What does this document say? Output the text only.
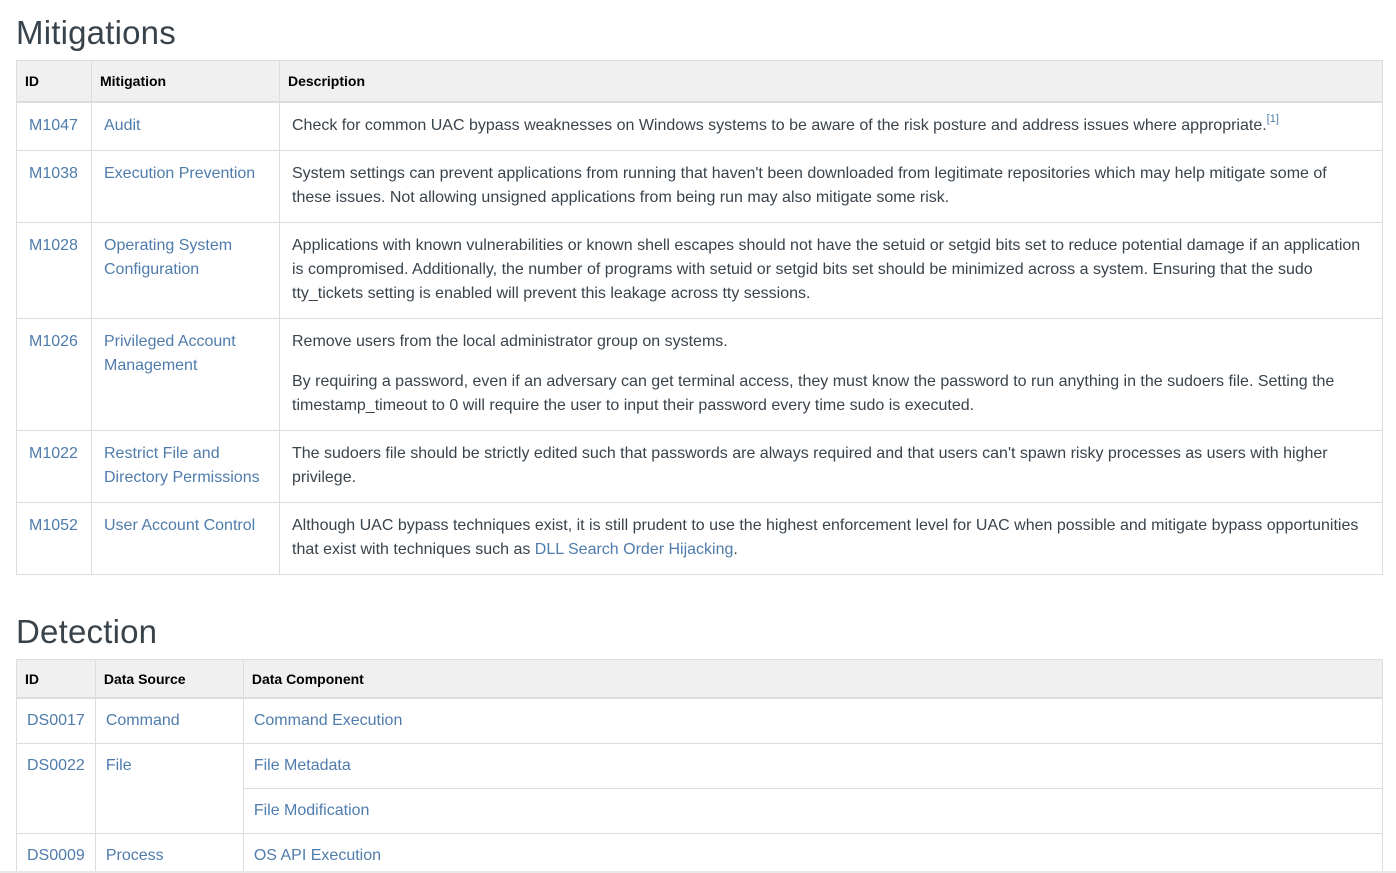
Mitigations
ID	Mitigation	Description
M1047	Audit	Check for common UAC bypass weaknesses on Windows systems to be aware of the risk posture and address issues where appropriate.[1]
M1038	Execution Prevention	System settings can prevent applications from running that haven't been downloaded from legitimate repositories which may help mitigate some of these issues. Not allowing unsigned applications from being run may also mitigate some risk.
M1028	Operating System Configuration	Applications with known vulnerabilities or known shell escapes should not have the setuid or setgid bits set to reduce potential damage if an application is compromised. Additionally, the number of programs with setuid or setgid bits set should be minimized across a system. Ensuring that the sudo tty_tickets setting is enabled will prevent this leakage across tty sessions.
M1026	Privileged Account Management	Remove users from the local administrator group on systems.

By requiring a password, even if an adversary can get terminal access, they must know the password to run anything in the sudoers file. Setting the timestamp_timeout to 0 will require the user to input their password every time sudo is executed.

M1022	Restrict File and Directory Permissions	The sudoers file should be strictly edited such that passwords are always required and that users can't spawn risky processes as users with higher privilege.
M1052	User Account Control	Although UAC bypass techniques exist, it is still prudent to use the highest enforcement level for UAC when possible and mitigate bypass opportunities that exist with techniques such as DLL Search Order Hijacking.
Detection
ID	Data Source	Data Component
DS0017	Command	Command Execution
DS0022	File	File Metadata
		File Modification
DS0009	Process	OS API Execution
